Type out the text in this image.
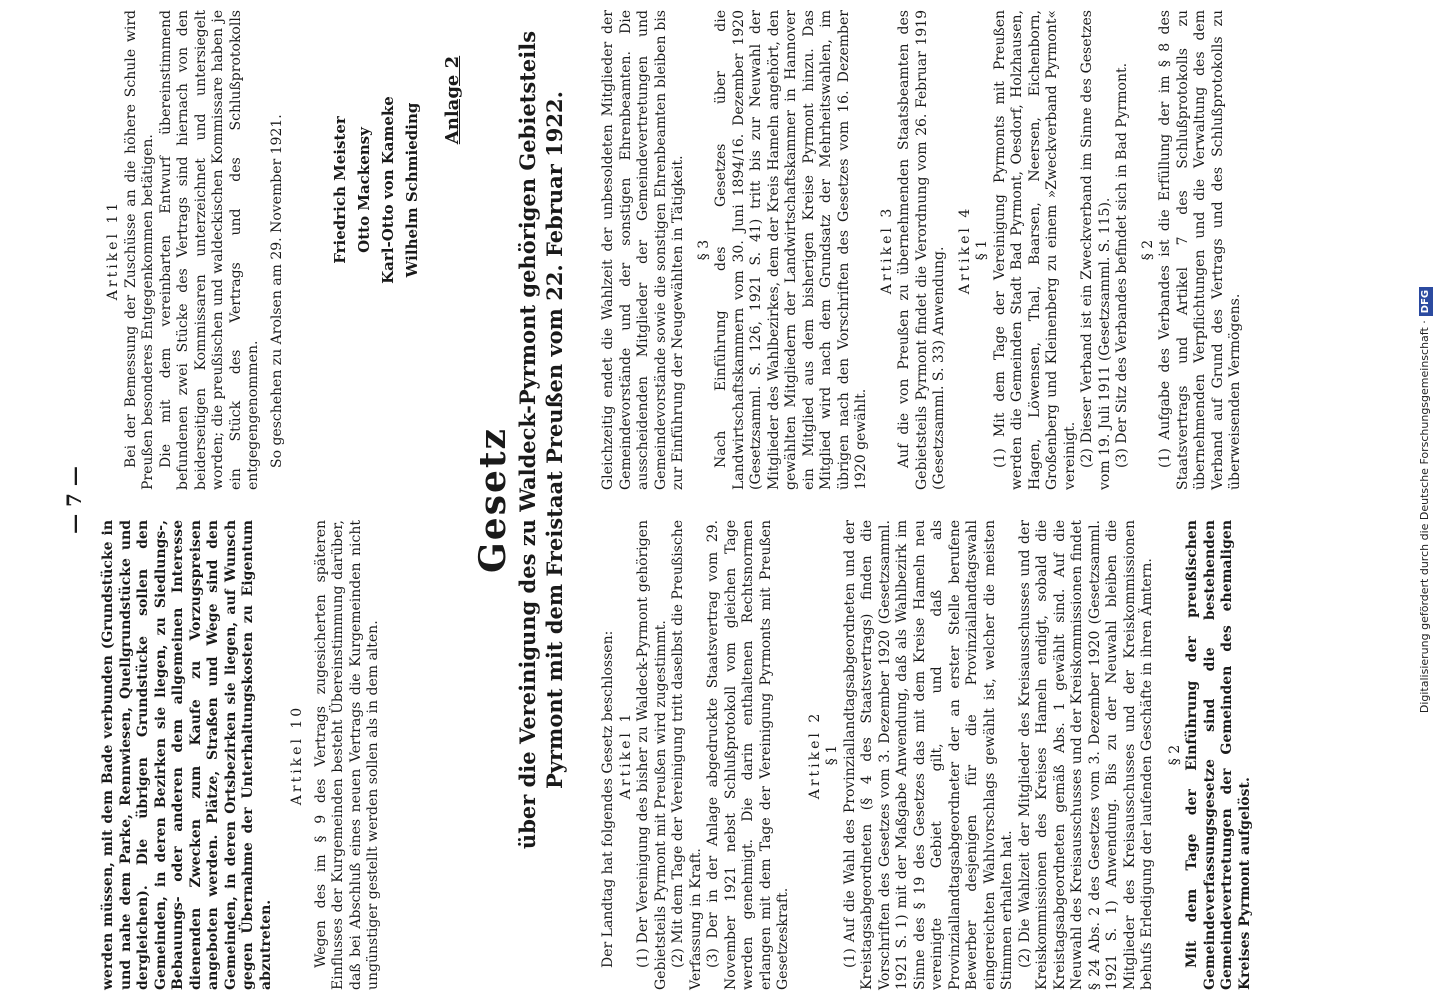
— 7 —

werden müssen, mit dem Bade verbunden (Grundstücke in und nahe dem Parke, Rennwiesen, Quellgrundstücke und dergleichen). Die übrigen Grundstücke sollen den Gemeinden, in deren Bezirken sie liegen, zu Siedlungs-, Bebauungs- oder anderen dem allgemeinen Interesse dienenden Zwecken zum Kaufe zu Vorzugspreisen angeboten werden. Plätze, Straßen und Wege sind den Gemeinden, in deren Ortsbezirken sie liegen, auf Wunsch gegen Übernahme der Unterhaltungskosten zu Eigentum abzutreten.

Artikel 10 Wegen des im § 9 des Vertrags zugesicherten späteren Einflusses der Kurgemeinden besteht Übereinstimmung darüber, daß bei Abschluß eines neuen Vertrags die Kurgemeinden nicht ungünstiger gestellt werden sollen als in dem alten.

Artikel 11 Bei der Bemessung der Zuschüsse an die höhere Schule wird Preußen besonderes Entgegenkommen betätigen. Die mit dem vereinbarten Entwurf übereinstimmend befundenen zwei Stücke des Vertrags sind hiernach von den beiderseitigen Kommissaren unterzeichnet und untersiegelt worden; die preußischen und waldeckischen Kommissare haben je ein Stück des Vertrags und des Schlußprotokolls entgegengenommen. So geschehen zu Arolsen am 29. November 1921.	Friedrich Meister Otto Mackensy Karl-Otto von Kameke Wilhelm Schmieding
Anlage 2
Gesetz über die Vereinigung des zu Waldeck-Pyrmont gehörigen Gebietsteils Pyrmont mit dem Freistaat Preußen vom 22. Februar 1922.

Der Landtag hat folgendes Gesetz beschlossen: Artikel 1 (1) Der Vereinigung des bisher zu Waldeck-Pyrmont gehörigen Gebietsteils Pyrmont mit Preußen wird zugestimmt. (2) Mit dem Tage der Vereinigung tritt daselbst die Preußische Verfassung in Kraft. (3) Der in der Anlage abgedruckte Staatsvertrag vom 29. November 1921 nebst Schlußprotokoll vom gleichen Tage werden genehmigt. Die darin enthaltenen Rechtsnormen erlangen mit dem Tage der Vereinigung Pyrmonts mit Preußen Gesetzeskraft.

Artikel 2 § 1 (1) Auf die Wahl des Provinziallandtagsabgeordneten und der Kreistagsabgeordneten (§ 4 des Staatsvertrags) finden die Vorschriften des Gesetzes vom 3. Dezember 1920 (Gesetzsamml. 1921 S. 1) mit der Maßgabe Anwendung, daß als Wahlbezirk im Sinne des § 19 des Gesetzes das mit dem Kreise Hameln neu vereinigte Gebiet gilt, und daß als Provinziallandtagsabgeordneter der an erster Stelle berufene Bewerber desjenigen für die Provinziallandtagswahl eingereichten Wahlvorschlags gewählt ist, welcher die meisten Stimmen erhalten hat. (2) Die Wahlzeit der Mitglieder des Kreisausschusses und der Kreiskommissionen des Kreises Hameln endigt, sobald die Kreistagsabgeordneten gemäß Abs. 1 gewählt sind. Auf die Neuwahl des Kreisausschusses und der Kreiskommissionen findet § 24 Abs. 2 des Gesetzes vom 3. Dezember 1920 (Gesetzsamml. 1921 S. 1) Anwendung. Bis zu der Neuwahl bleiben die Mitglieder des Kreisausschusses und der Kreiskommissionen behufs Erledigung der laufenden Geschäfte in ihren Ämtern. § 2 Mit dem Tage der Einführung der preußischen Gemeindeverfassungsgesetze sind die bestehenden Gemeindevertretungen der Gemeinden des ehemaligen Kreises Pyrmont aufgelöst.

Gleichzeitig endet die Wahlzeit der unbesoldeten Mitglieder der Gemeindevorstände und der sonstigen Ehrenbeamten. Die ausscheidenden Mitglieder der Gemeindevertretungen und Gemeindevorstände sowie die sonstigen Ehrenbeamten bleiben bis zur Einführung der Neugewählten in Tätigkeit. § 3 Nach Einführung des Gesetzes über die Landwirtschaftskammern vom 30. Juni 1894/16. Dezember 1920 (Gesetzsamml. S. 126, 1921 S. 41) tritt bis zur Neuwahl der Mitglieder des Wahlbezirkes, dem der Kreis Hameln angehört, den gewählten Mitgliedern der Landwirtschaftskammer in Hannover ein Mitglied aus dem bisherigen Kreise Pyrmont hinzu. Das Mitglied wird nach dem Grundsatz der Mehrheitswahlen, im übrigen nach den Vorschriften des Gesetzes vom 16. Dezember 1920 gewählt.

Artikel 3 Auf die von Preußen zu übernehmenden Staatsbeamten des Gebietsteils Pyrmont findet die Verordnung vom 26. Februar 1919 (Gesetzsamml. S. 33) Anwendung. Artikel 4 § 1 (1) Mit dem Tage der Vereinigung Pyrmonts mit Preußen werden die Gemeinden Stadt Bad Pyrmont, Oesdorf, Holzhausen, Hagen, Löwensen, Thal, Baarsen, Neersen, Eichenborn, Großenberg und Kleinenberg zu einem »Zweckverband Pyrmont« vereinigt. (2) Dieser Verband ist ein Zweckverband im Sinne des Gesetzes vom 19. Juli 1911 (Gesetzsamml. S. 115). (3) Der Sitz des Verbandes befindet sich in Bad Pyrmont. § 2 (1) Aufgabe des Verbandes ist die Erfüllung der im § 8 des Staatsvertrags und Artikel 7 des Schlußprotokolls zu übernehmenden Verpflichtungen und die Verwaltung des dem Verband auf Grund des Vertrags und des Schlußprotokolls zu überweisenden Vermögens.	Digitalisierung gefördert durch die Deutsche Forschungsgemeinschaft ·DFG
